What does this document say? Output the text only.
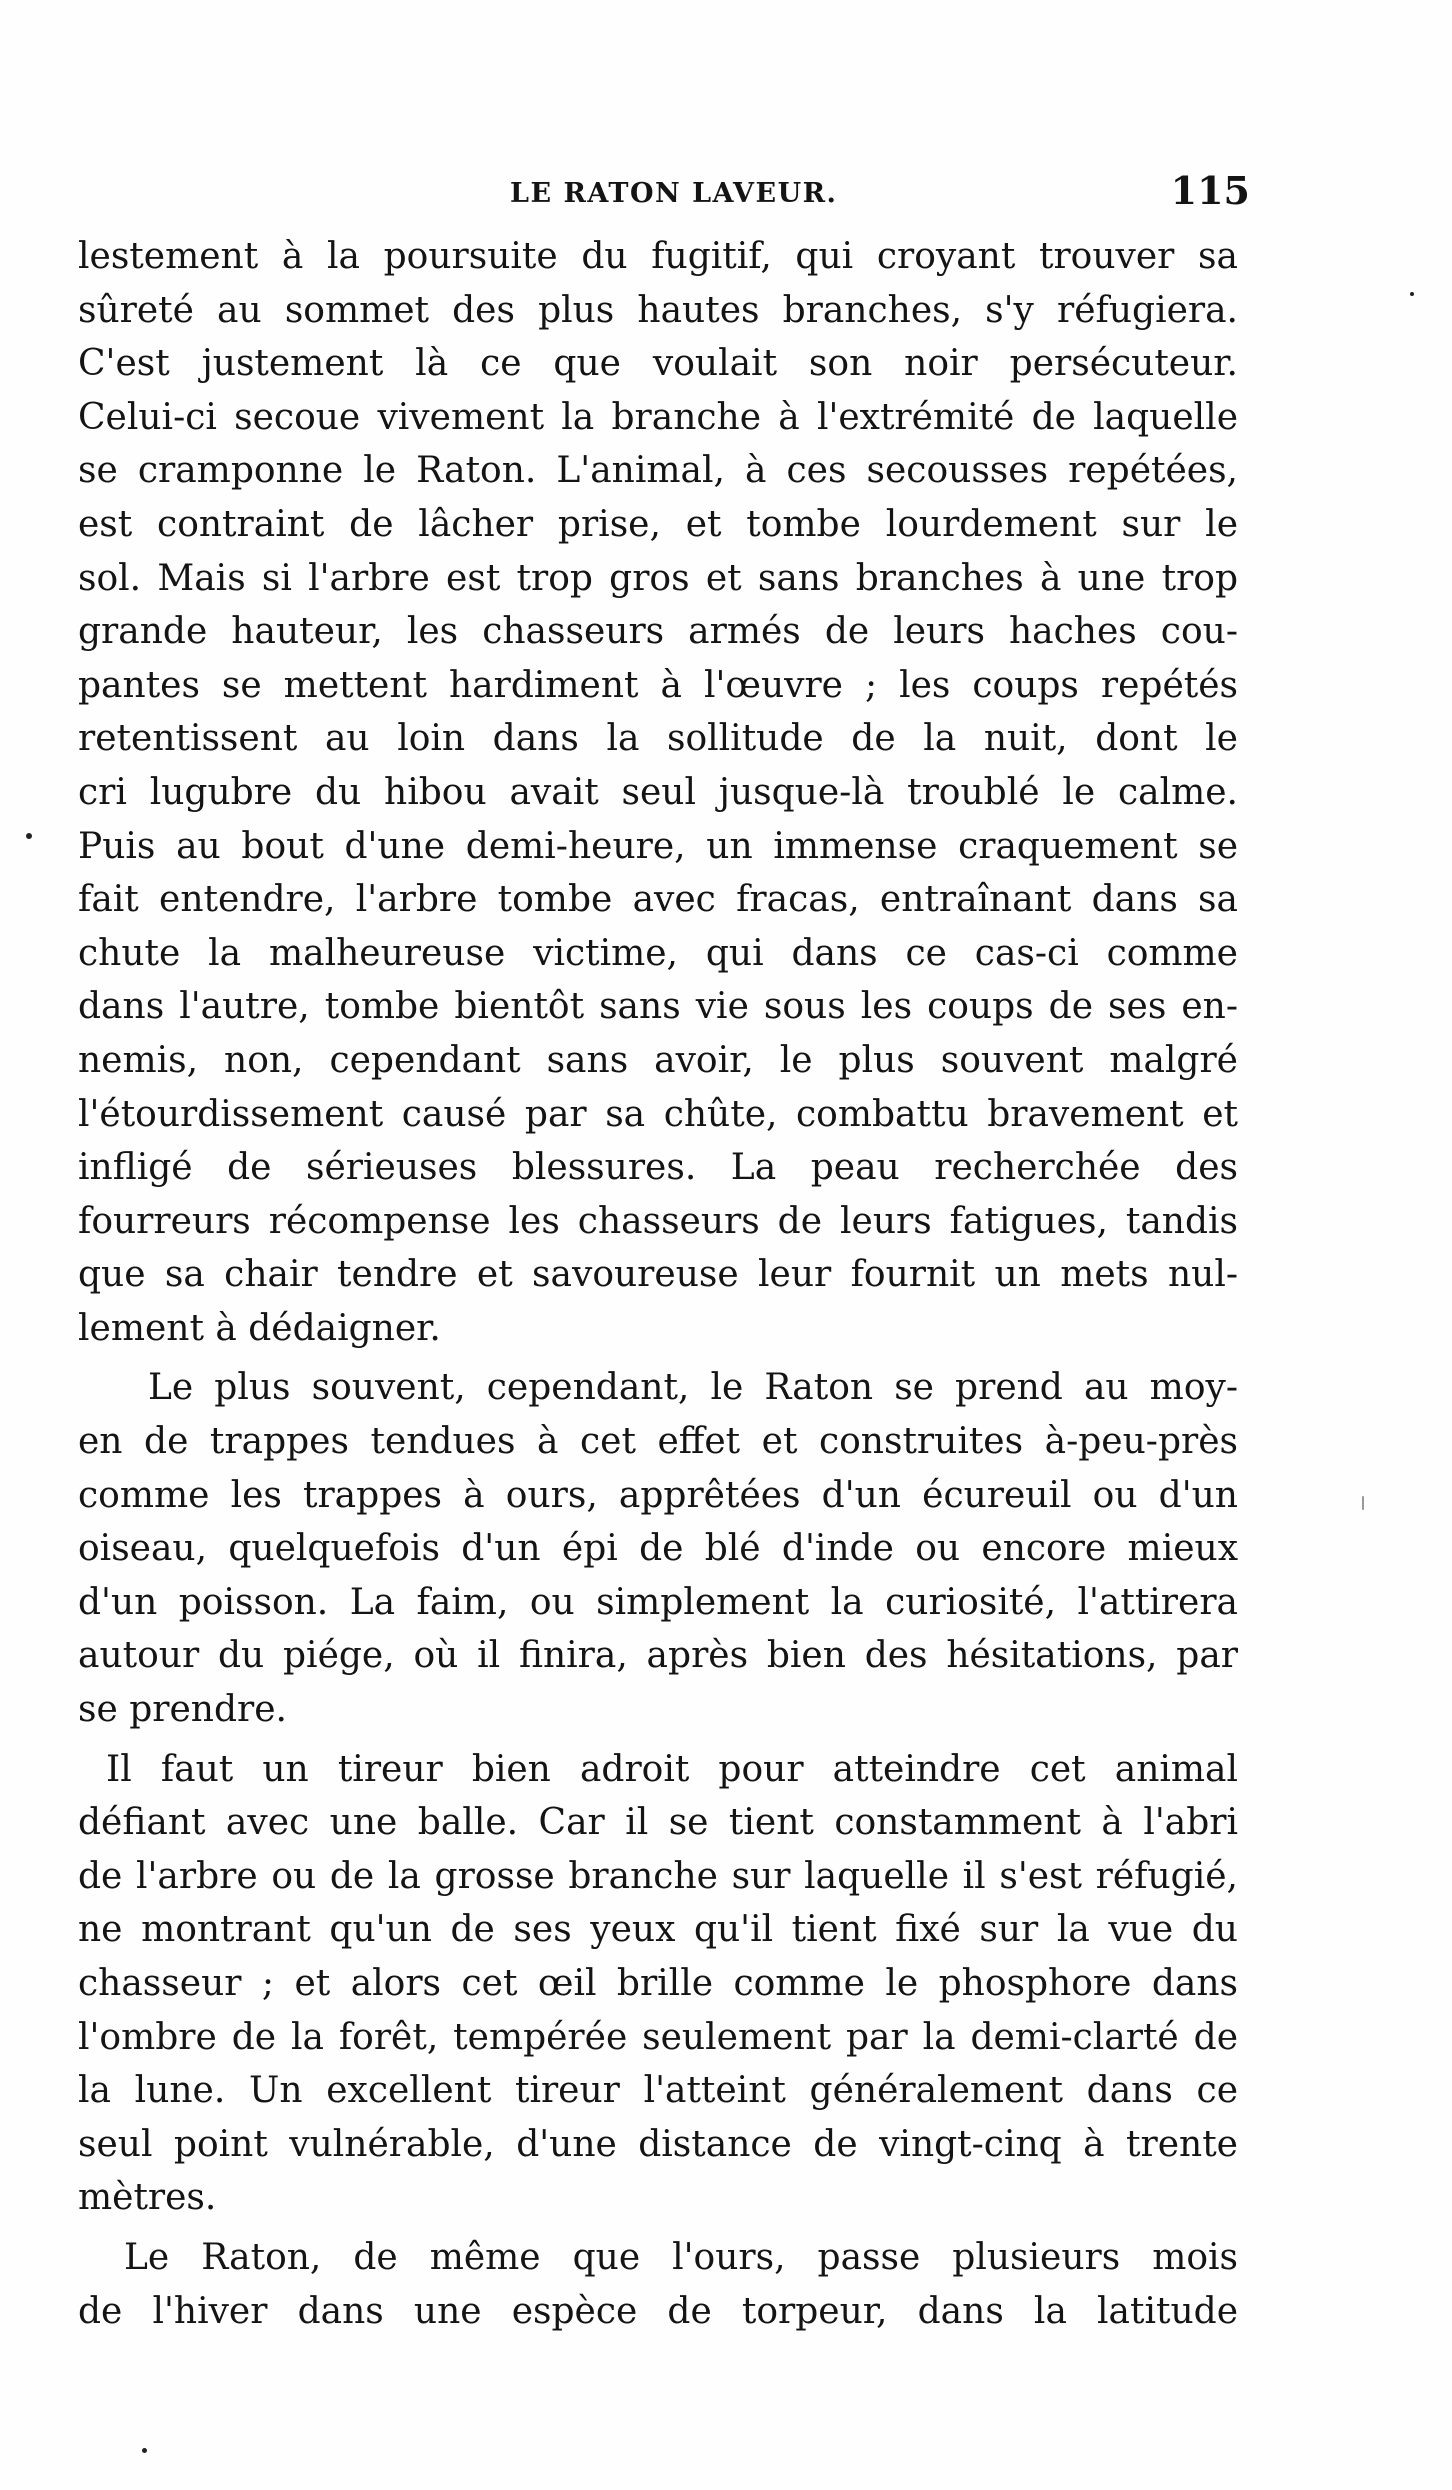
LE RATON LAVEUR.	115
lestement à la poursuite du fugitif, qui croyant trouver sa
sûreté au sommet des plus hautes branches, s'y réfugiera.
C'est justement là ce que voulait son noir persécuteur.
Celui-ci secoue vivement la branche à l'extrémité de laquelle
se cramponne le Raton. L'animal, à ces secousses repétées,
est contraint de lâcher prise, et tombe lourdement sur le
sol. Mais si l'arbre est trop gros et sans branches à une trop
grande hauteur, les chasseurs armés de leurs haches cou-
pantes se mettent hardiment à l'œuvre ; les coups repétés
retentissent au loin dans la sollitude de la nuit, dont le
cri lugubre du hibou avait seul jusque-là troublé le calme.
Puis au bout d'une demi-heure, un immense craquement se
fait entendre, l'arbre tombe avec fracas, entraînant dans sa
chute la malheureuse victime, qui dans ce cas-ci comme
dans l'autre, tombe bientôt sans vie sous les coups de ses en-
nemis, non, cependant sans avoir, le plus souvent malgré
l'étourdissement causé par sa chûte, combattu bravement et
infligé de sérieuses blessures. La peau recherchée des
fourreurs récompense les chasseurs de leurs fatigues, tandis
que sa chair tendre et savoureuse leur fournit un mets nul-
lement à dédaigner.
Le plus souvent, cependant, le Raton se prend au moy-
en de trappes tendues à cet effet et construites à-peu-près
comme les trappes à ours, apprêtées d'un écureuil ou d'un
oiseau, quelquefois d'un épi de blé d'inde ou encore mieux
d'un poisson. La faim, ou simplement la curiosité, l'attirera
autour du piége, où il finira, après bien des hésitations, par
se prendre.
Il faut un tireur bien adroit pour atteindre cet animal
défiant avec une balle. Car il se tient constamment à l'abri
de l'arbre ou de la grosse branche sur laquelle il s'est réfugié,
ne montrant qu'un de ses yeux qu'il tient fixé sur la vue du
chasseur ; et alors cet œil brille comme le phosphore dans
l'ombre de la forêt, tempérée seulement par la demi-clarté de
la lune. Un excellent tireur l'atteint généralement dans ce
seul point vulnérable, d'une distance de vingt-cinq à trente
mètres.
Le Raton, de même que l'ours, passe plusieurs mois
de l'hiver dans une espèce de torpeur, dans la latitude
